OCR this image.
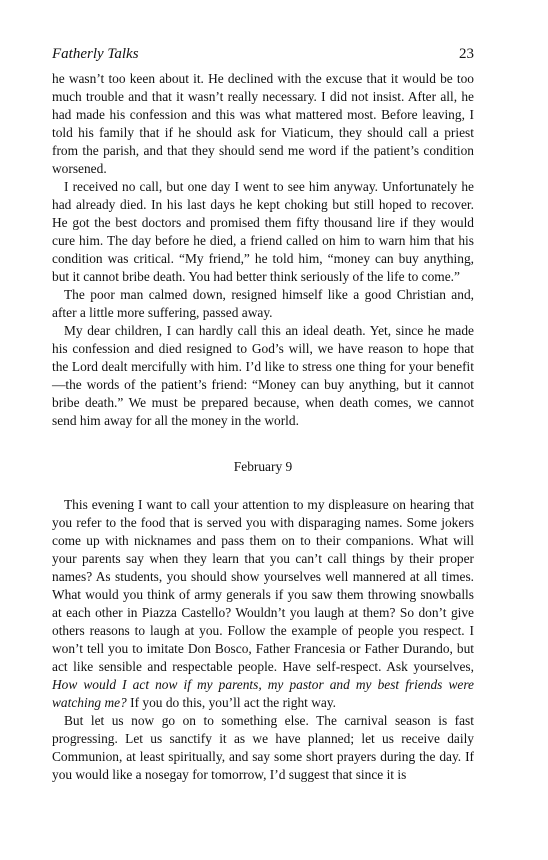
Fatherly Talks	23

he wasn’t too keen about it. He declined with the excuse that it would be too much trouble and that it wasn’t really necessary. I did not insist. After all, he had made his confession and this was what mattered most. Before leaving, I told his family that if he should ask for Viaticum, they should call a priest from the parish, and that they should send me word if the patient’s condition worsened.

I received no call, but one day I went to see him anyway. Unfortunately he had already died. In his last days he kept choking but still hoped to recover. He got the best doctors and promised them fifty thousand lire if they would cure him. The day before he died, a friend called on him to warn him that his condition was critical. “My friend,” he told him, “money can buy anything, but it cannot bribe death. You had better think seriously of the life to come.”

The poor man calmed down, resigned himself like a good Christian and, after a little more suffering, passed away.

My dear children, I can hardly call this an ideal death. Yet, since he made his confession and died resigned to God’s will, we have reason to hope that the Lord dealt mercifully with him. I’d like to stress one thing for your benefit—the words of the patient’s friend: “Money can buy anything, but it cannot bribe death.” We must be prepared because, when death comes, we cannot send him away for all the money in the world.

February 9

This evening I want to call your attention to my displeasure on hearing that you refer to the food that is served you with disparaging names. Some jokers come up with nicknames and pass them on to their companions. What will your parents say when they learn that you can’t call things by their proper names? As students, you should show yourselves well mannered at all times. What would you think of army generals if you saw them throwing snowballs at each other in Piazza Castello? Wouldn’t you laugh at them? So don’t give others reasons to laugh at you. Follow the example of people you respect. I won’t tell you to imitate Don Bosco, Father Francesia or Father Durando, but act like sensible and respectable people. Have self-respect. Ask yourselves, How would I act now if my parents, my pastor and my best friends were watching me? If you do this, you’ll act the right way.

But let us now go on to something else. The carnival season is fast progressing. Let us sanctify it as we have planned; let us receive daily Communion, at least spiritually, and say some short prayers during the day. If you would like a nosegay for tomorrow, I’d suggest that since it is
